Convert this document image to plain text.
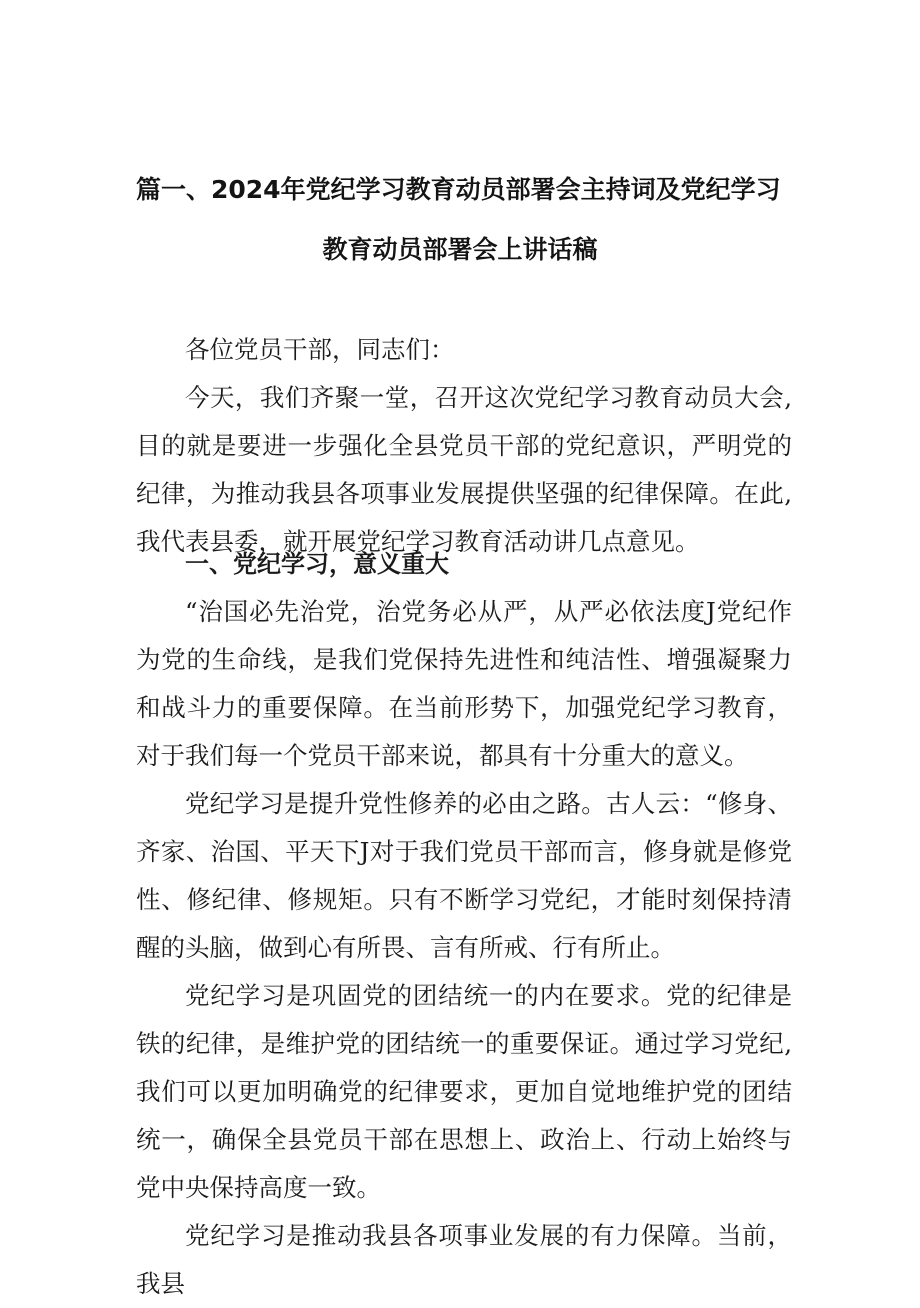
篇一、2024年党纪学习教育动员部署会主持词及党纪学习
教育动员部署会上讲话稿
各位党员干部，同志们：

今天，我们齐聚一堂，召开这次党纪学习教育动员大会,目的就是要进一步强化全县党员干部的党纪意识，严明党的纪律，为推动我县各项事业发展提供坚强的纪律保障。在此,我代表县委，就开展党纪学习教育活动讲几点意见。

一、党纪学习，意义重大

“治国必先治党，治党务必从严，从严必依法度J党纪作为党的生命线，是我们党保持先进性和纯洁性、增强凝聚力和战斗力的重要保障。在当前形势下，加强党纪学习教育，对于我们每一个党员干部来说，都具有十分重大的意义。

党纪学习是提升党性修养的必由之路。古人云：“修身、齐家、治国、平天下J对于我们党员干部而言，修身就是修党性、修纪律、修规矩。只有不断学习党纪，才能时刻保持清醒的头脑，做到心有所畏、言有所戒、行有所止。

党纪学习是巩固党的团结统一的内在要求。党的纪律是铁的纪律，是维护党的团结统一的重要保证。通过学习党纪,我们可以更加明确党的纪律要求，更加自觉地维护党的团结统一，确保全县党员干部在思想上、政治上、行动上始终与党中央保持高度一致。

党纪学习是推动我县各项事业发展的有力保障。当前，我县
